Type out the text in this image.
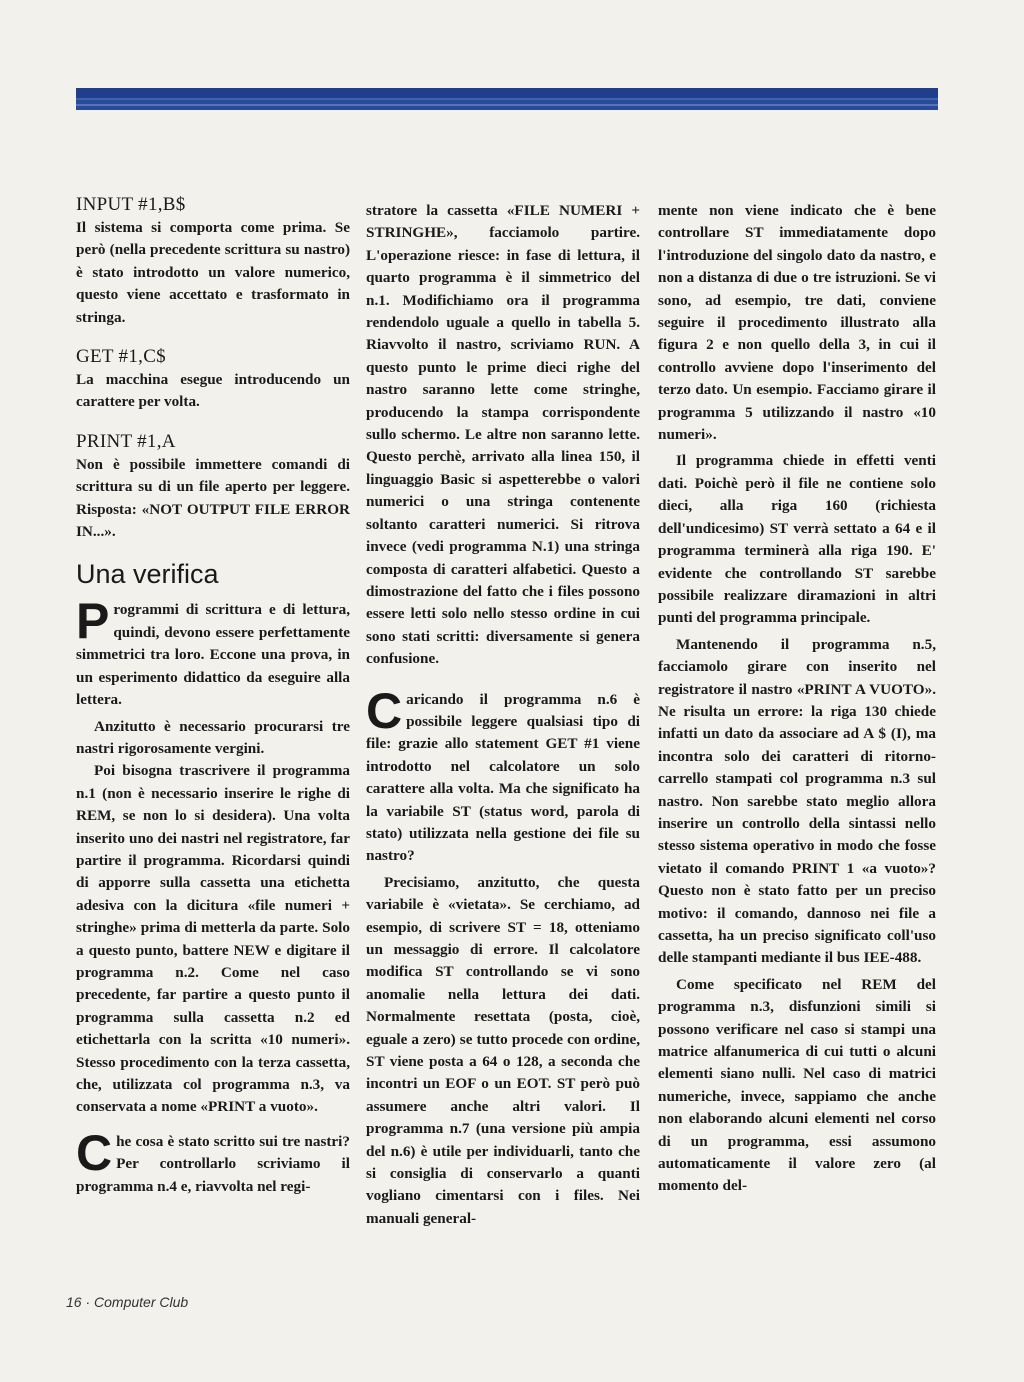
INPUT #1,B$

Il sistema si comporta come prima. Se però (nella precedente scrittura su nastro) è stato introdotto un valore numerico, questo viene accettato e trasformato in stringa.

GET #1,C$

La macchina esegue introducendo un carattere per volta.

PRINT #1,A

Non è possibile immettere comandi di scrittura su di un file aperto per leggere. Risposta: «NOT OUTPUT FILE ERROR IN...».

Una verifica

Programmi di scrittura e di lettura, quindi, devono essere perfettamente simmetrici tra loro. Eccone una prova, in un esperimento didattico da eseguire alla lettera.

Anzitutto è necessario procurarsi tre nastri rigorosamente vergini.

Poi bisogna trascrivere il programma n.1 (non è necessario inserire le righe di REM, se non lo si desidera). Una volta inserito uno dei nastri nel registratore, far partire il programma. Ricordarsi quindi di apporre sulla cassetta una etichetta adesiva con la dicitura «file numeri + stringhe» prima di metterla da parte. Solo a questo punto, battere NEW e digitare il programma n.2. Come nel caso precedente, far partire a questo punto il programma sulla cassetta n.2 ed etichettarla con la scritta «10 numeri». Stesso procedimento con la terza cassetta, che, utilizzata col programma n.3, va conservata a nome «PRINT a vuoto».

Che cosa è stato scritto sui tre nastri? Per controllarlo scriviamo il programma n.4 e, riavvolta nel regi-

stratore la cassetta «FILE NUMERI + STRINGHE», facciamolo partire. L'operazione riesce: in fase di lettura, il quarto programma è il simmetrico del n.1. Modifichiamo ora il programma rendendolo uguale a quello in tabella 5. Riavvolto il nastro, scriviamo RUN. A questo punto le prime dieci righe del nastro saranno lette come stringhe, producendo la stampa corrispondente sullo schermo. Le altre non saranno lette. Questo perchè, arrivato alla linea 150, il linguaggio Basic si aspetterebbe o valori numerici o una stringa contenente soltanto caratteri numerici. Si ritrova invece (vedi programma N.1) una stringa composta di caratteri alfabetici. Questo a dimostrazione del fatto che i files possono essere letti solo nello stesso ordine in cui sono stati scritti: diversamente si genera confusione.

Caricando il programma n.6 è possibile leggere qualsiasi tipo di file: grazie allo statement GET #1 viene introdotto nel calcolatore un solo carattere alla volta. Ma che significato ha la variabile ST (status word, parola di stato) utilizzata nella gestione dei file su nastro?

Precisiamo, anzitutto, che questa variabile è «vietata». Se cerchiamo, ad esempio, di scrivere ST = 18, otteniamo un messaggio di errore. Il calcolatore modifica ST controllando se vi sono anomalie nella lettura dei dati. Normalmente resettata (posta, cioè, eguale a zero) se tutto procede con ordine, ST viene posta a 64 o 128, a seconda che incontri un EOF o un EOT. ST però può assumere anche altri valori. Il programma n.7 (una versione più ampia del n.6) è utile per individuarli, tanto che si consiglia di conservarlo a quanti vogliano cimentarsi con i files. Nei manuali general-

mente non viene indicato che è bene controllare ST immediatamente dopo l'introduzione del singolo dato da nastro, e non a distanza di due o tre istruzioni. Se vi sono, ad esempio, tre dati, conviene seguire il procedimento illustrato alla figura 2 e non quello della 3, in cui il controllo avviene dopo l'inserimento del terzo dato. Un esempio. Facciamo girare il programma 5 utilizzando il nastro «10 numeri».

Il programma chiede in effetti venti dati. Poichè però il file ne contiene solo dieci, alla riga 160 (richiesta dell'undicesimo) ST verrà settato a 64 e il programma terminerà alla riga 190. E' evidente che controllando ST sarebbe possibile realizzare diramazioni in altri punti del programma principale.

Mantenendo il programma n.5, facciamolo girare con inserito nel registratore il nastro «PRINT A VUOTO». Ne risulta un errore: la riga 130 chiede infatti un dato da associare ad A $ (I), ma incontra solo dei caratteri di ritorno-carrello stampati col programma n.3 sul nastro. Non sarebbe stato meglio allora inserire un controllo della sintassi nello stesso sistema operativo in modo che fosse vietato il comando PRINT 1 «a vuoto»? Questo non è stato fatto per un preciso motivo: il comando, dannoso nei file a cassetta, ha un preciso significato coll'uso delle stampanti mediante il bus IEE-488.

Come specificato nel REM del programma n.3, disfunzioni simili si possono verificare nel caso si stampi una matrice alfanumerica di cui tutti o alcuni elementi siano nulli. Nel caso di matrici numeriche, invece, sappiamo che anche non elaborando alcuni elementi nel corso di un programma, essi assumono automaticamente il valore zero (al momento del-

16 · Computer Club
